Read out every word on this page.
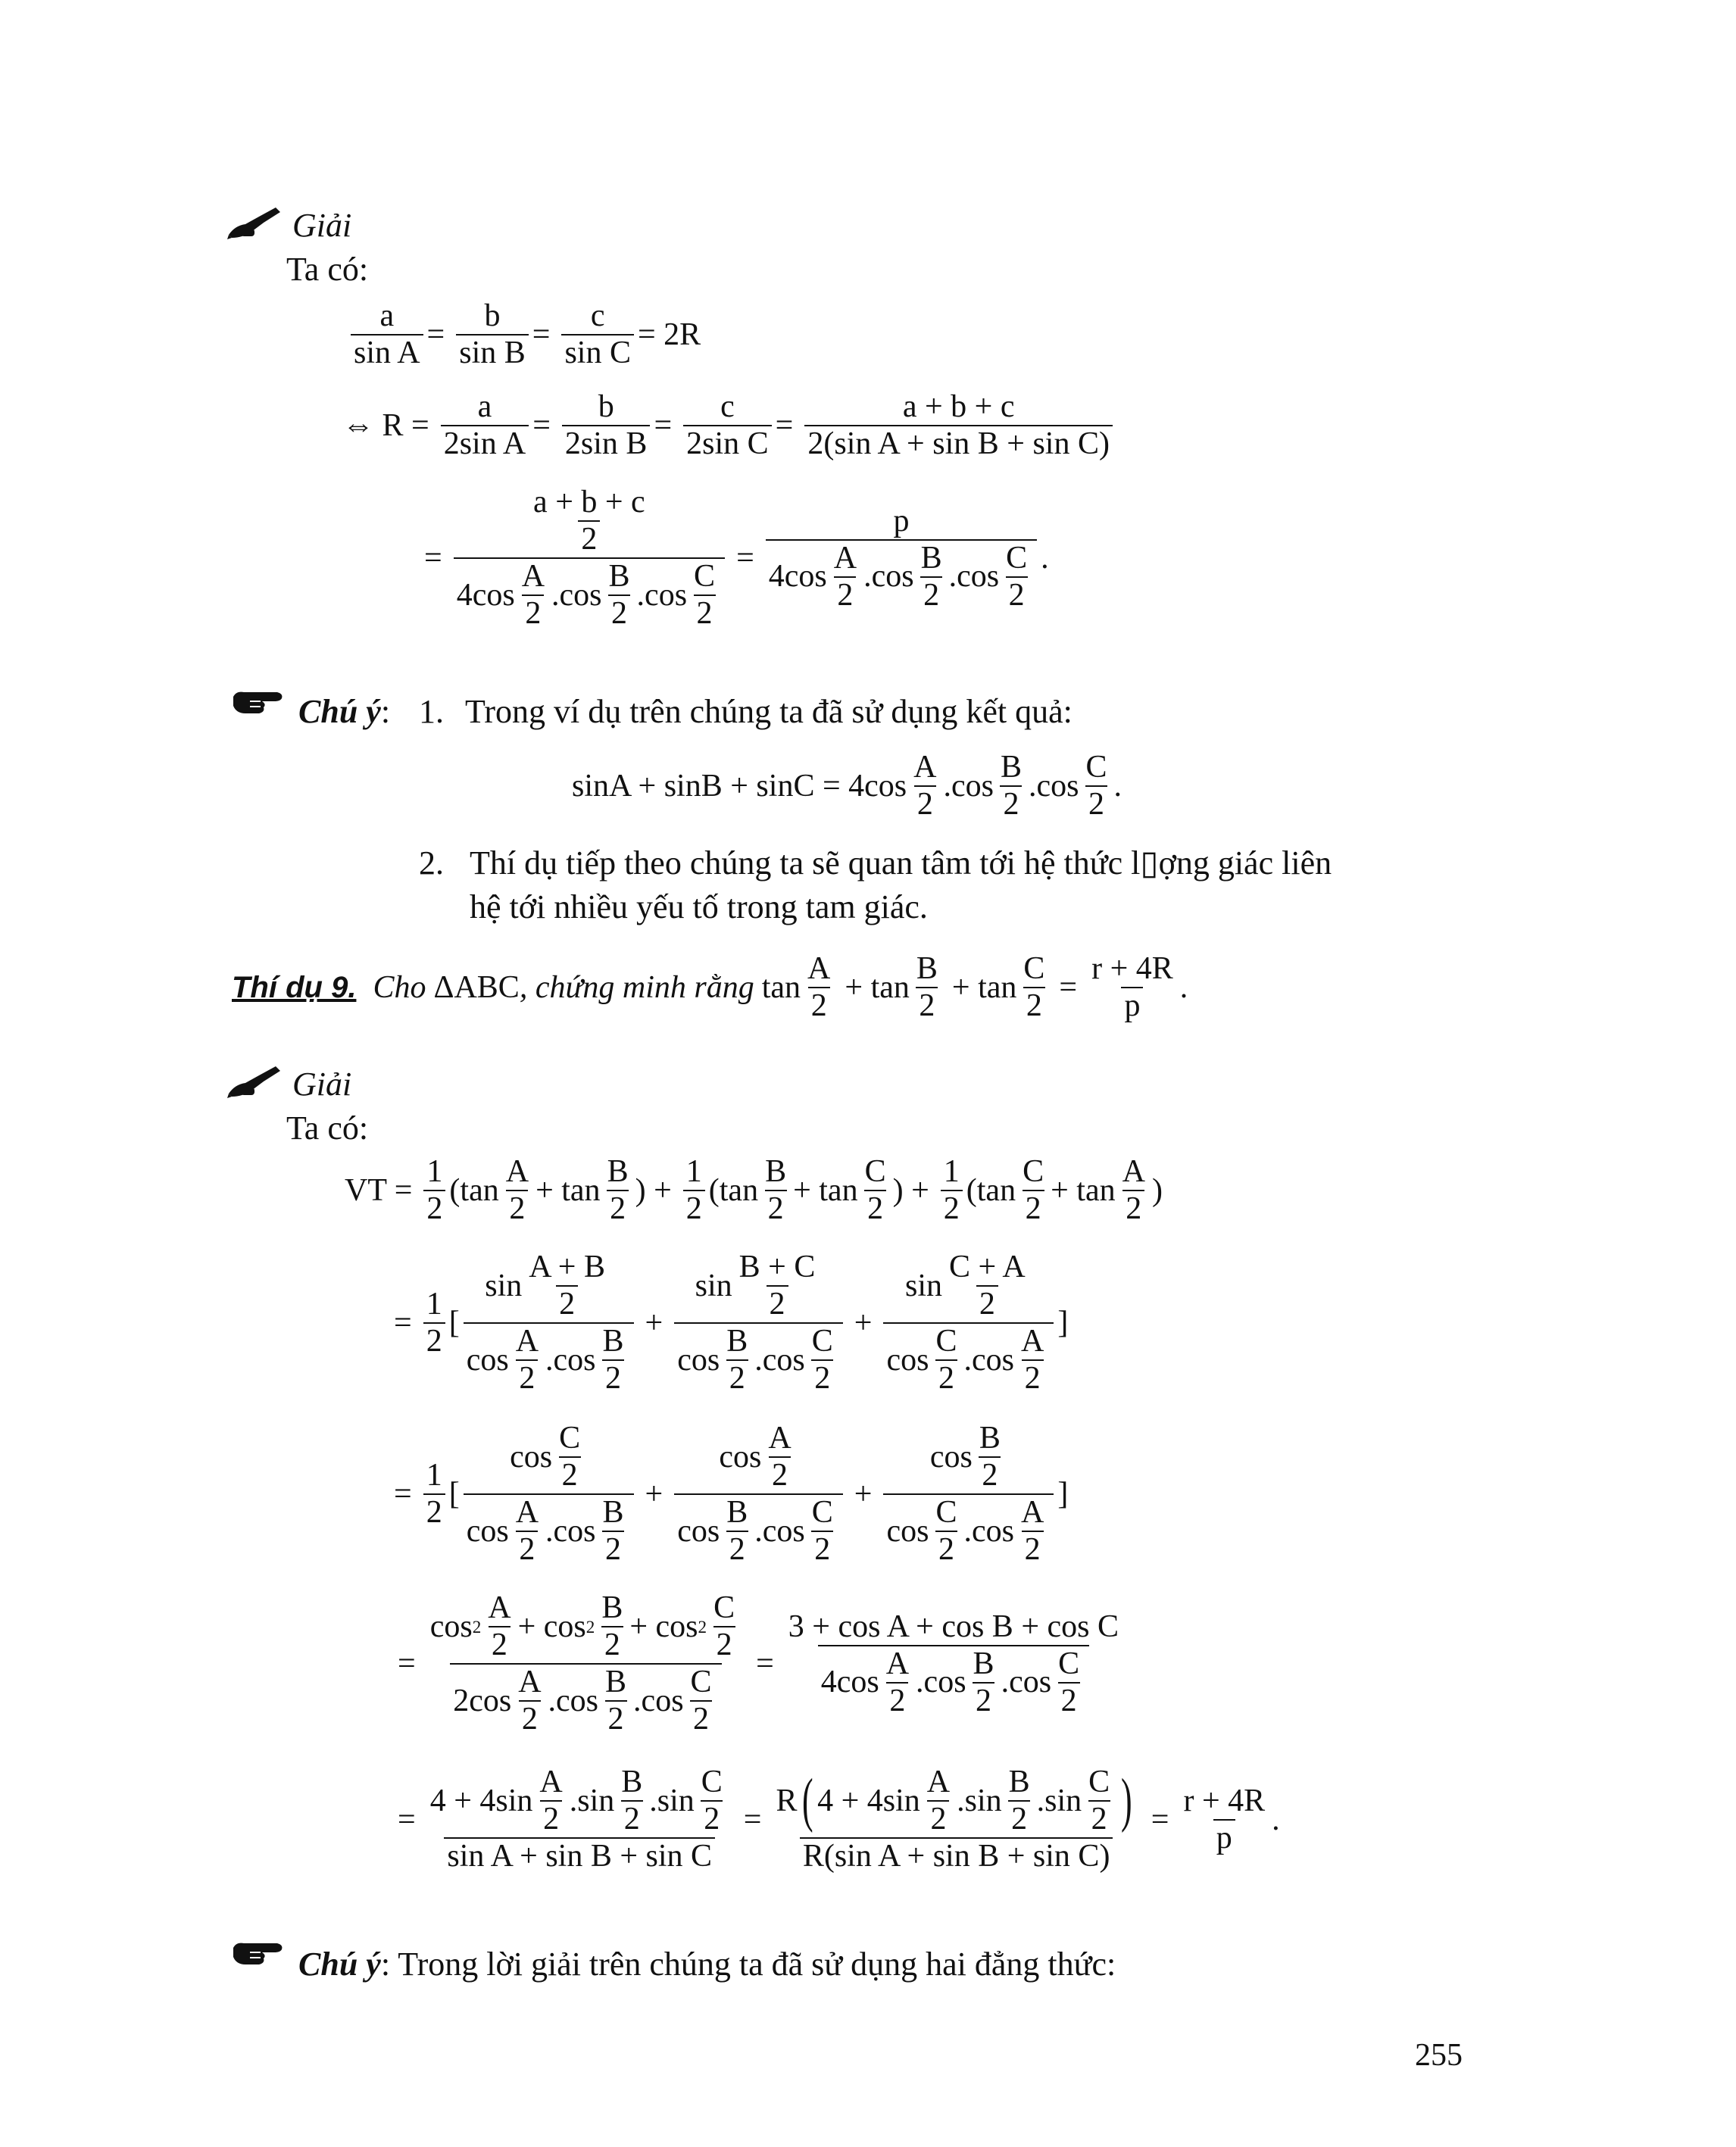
Giải
Ta có:
$\frac{a}{\text{sin A}} = \frac{b}{\text{sin B}} = \frac{c}{\text{sin C}} = 2R$
⇔ $R = \frac{a}{\text{2sin A}} = \frac{b}{\text{2sin B}} = \frac{c}{\text{2sin C}}$ =
a + b + c
2(sin A + sin B + sin C)
=
a + b + c
2
4cos
A
2
.cos
B
2
.cos
C
2
=
p
4cos
A
2
.cos
B
2
.cos
C
2
.
Chú ý: 1. Trong ví dụ trên chúng ta đã sử dụng kết quả:
sinA + sinB + sinC = 4cos
A
2
.cos
B
2
.cos
C
2
.
2. Thí dụ tiếp theo chúng ta sẽ quan tâm tới hệ thức l▯ợng giác liên
hệ tới nhiều yếu tố trong tam giác.
Thí dụ 9. Cho ΔABC , chứng minh rằng tan
A
2
+ tan
B
2
+ tan
C
2
=
r + 4R
p
.
Giải
Ta có:
VT =
1
2
(tan
A
2
+ tan
B
2
) +
1
2
(tan
B
2
+ tan
C
2
) +
1
2
(tan
C
2
+ tan
A
2
)
=
1
2
[
sin
A + B
2
cos
A
2
.cos
B
2
+
sin
B + C
2
cos
B
2
.cos
C
2
+
sin
C + A
2
cos
C
2
.cos
A
2
]
=
1
2
[
cos
C
2
cos
A
2
.cos
B
2
+
cos
A
2
cos
B
2
.cos
C
2
+
cos
B
2
cos
C
2
.cos
A
2
]
=
cos 2
A
2
+ cos 2
B
2
+ cos 2
C
2
2cos
A
2
.cos
B
2
.cos
C
2
=
3 + cos A + cos B + cos C
4cos
A
2
.cos
B
2
.cos
C
2
=
4 + 4sin
A
2
.sin
B
2
.sin
C
2
sin A + sin B + sin C
=
R ( 4 + 4sin
A
2
.sin
B
2
.sin
C
2 )
R(sin A + sin B + sin C)
=
r + 4R
p
.
Chú ý: Trong lời giải trên chúng ta đã sử dụng hai đẳng thức:
255
